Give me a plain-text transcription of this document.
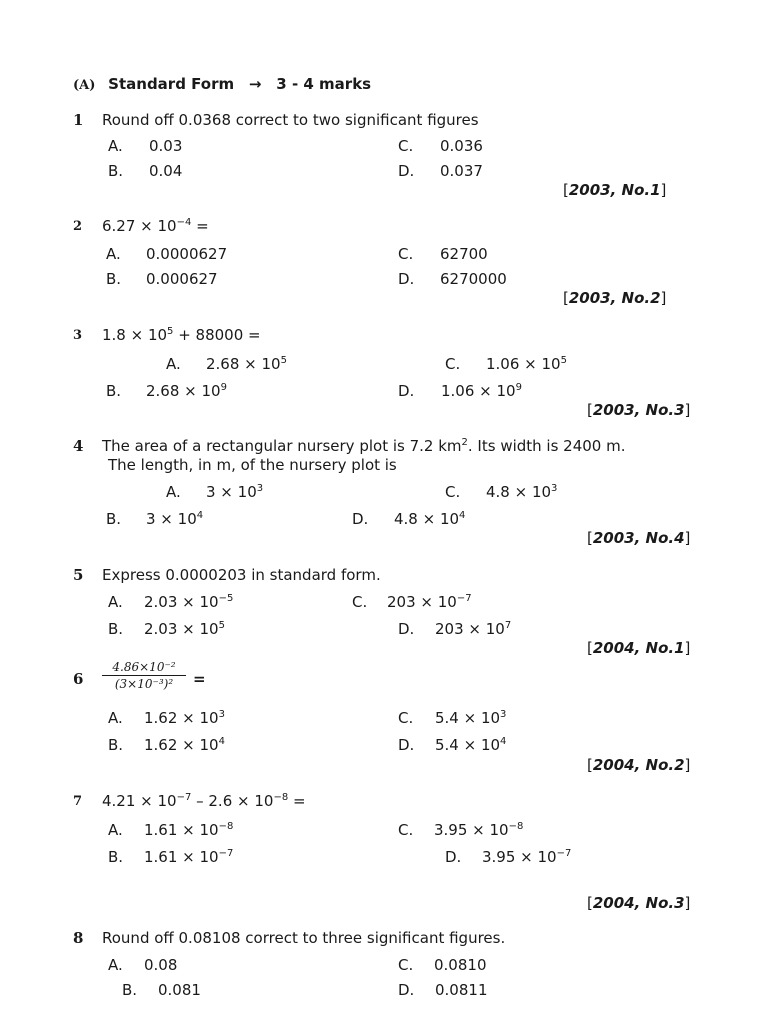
(A) Standard Form → 3 - 4 marks
1 Round off 0.0368 correct to two significant figures
A. 0.03	C. 0.036
B. 0.04	D. 0.037
[2003, No.1]
2 $6.27 \times 10^{-4}$ =
A. 0.0000627	C. 62700
B. 0.000627	D. 6270000
[2003, No.2]
3 $1.8 \times 10^5 + 88000$ =
A. $2.68 \times 10^5$	C. $1.06 \times 10^5$
B. $2.68 \times 10^9$	D. $1.06 \times 10^9$
[2003, No.3]
4 The area of a rectangular nursery plot is 7.2 $km^2$. Its width is 2400 m.
The length, in m, of the nursery plot is
A. $3 \times 10^3$	C. $4.8 \times 10^3$
B. $3 \times 10^4$	D. $4.8 \times 10^4$
[2003, No.4]
5 Express 0.0000203 in standard form.
A. $2.03 \times 10^{-5}$	C. $203 \times 10^{-7}$
B. $2.03 \times 10^5$	D. $203 \times 10^7$
[2004, No.1]
6
4.86×10⁻²
(3×10⁻³)²	=
A. $1.62 \times 10^3$	C. $5.4 \times 10^3$
B. $1.62 \times 10^4$	D. $5.4 \times 10^4$
[2004, No.2]
7 $4.21 \times 10^{-7} - 2.6 \times 10^{-8}$ =
A. $1.61 \times 10^{-8}$	C. $3.95 \times 10^{-8}$
B. $1.61 \times 10^{-7}$	D. $3.95 \times 10^{-7}$
[2004, No.3]
8 Round off 0.08108 correct to three significant figures.
A. 0.08	C. 0.0810
B. 0.081	D. 0.0811
